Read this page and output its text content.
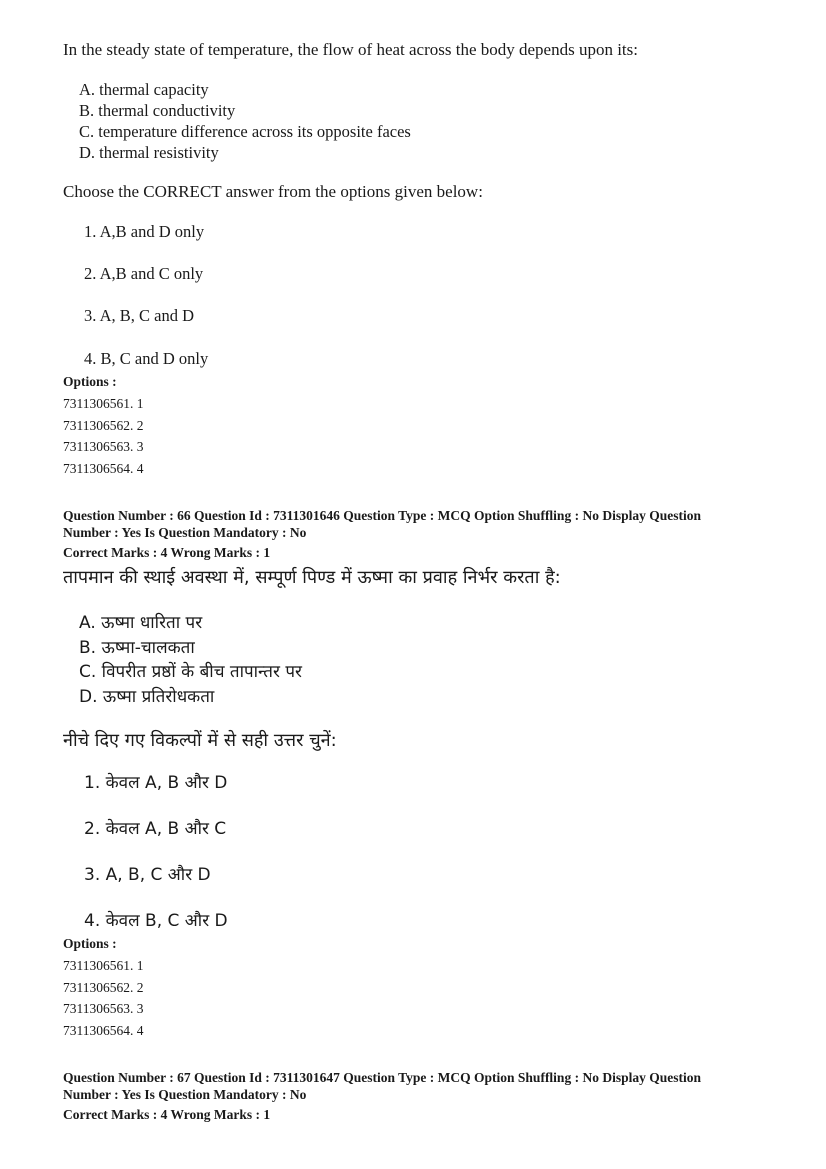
In the steady state of temperature, the flow of heat across the body depends upon its:
A. thermal capacity
B. thermal conductivity
C. temperature difference across its opposite faces
D. thermal resistivity
Choose the CORRECT answer from the options given below:
1. A,B and D only
2. A,B and C only
3. A, B, C and D
4. B, C and D only
Options :
7311306561. 1
7311306562. 2
7311306563. 3
7311306564. 4
Question Number : 66 Question Id : 7311301646 Question Type : MCQ Option Shuffling : No Display Question
Number : Yes Is Question Mandatory : No
Correct Marks : 4 Wrong Marks : 1
तापमान की स्थाई अवस्था में, सम्पूर्ण पिण्ड में ऊष्मा का प्रवाह निर्भर करता है:
A. ऊष्मा धारिता पर
B. ऊष्मा-चालकता
C. विपरीत प्रष्ठों के बीच तापान्तर पर
D. ऊष्मा प्रतिरोधकता
नीचे दिए गए विकल्पों में से सही उत्तर चुनें:
1. केवल A, B और D
2. केवल A, B और C
3. A, B, C और D
4. केवल B, C और D
Options :
7311306561. 1
7311306562. 2
7311306563. 3
7311306564. 4
Question Number : 67 Question Id : 7311301647 Question Type : MCQ Option Shuffling : No Display Question
Number : Yes Is Question Mandatory : No
Correct Marks : 4 Wrong Marks : 1
